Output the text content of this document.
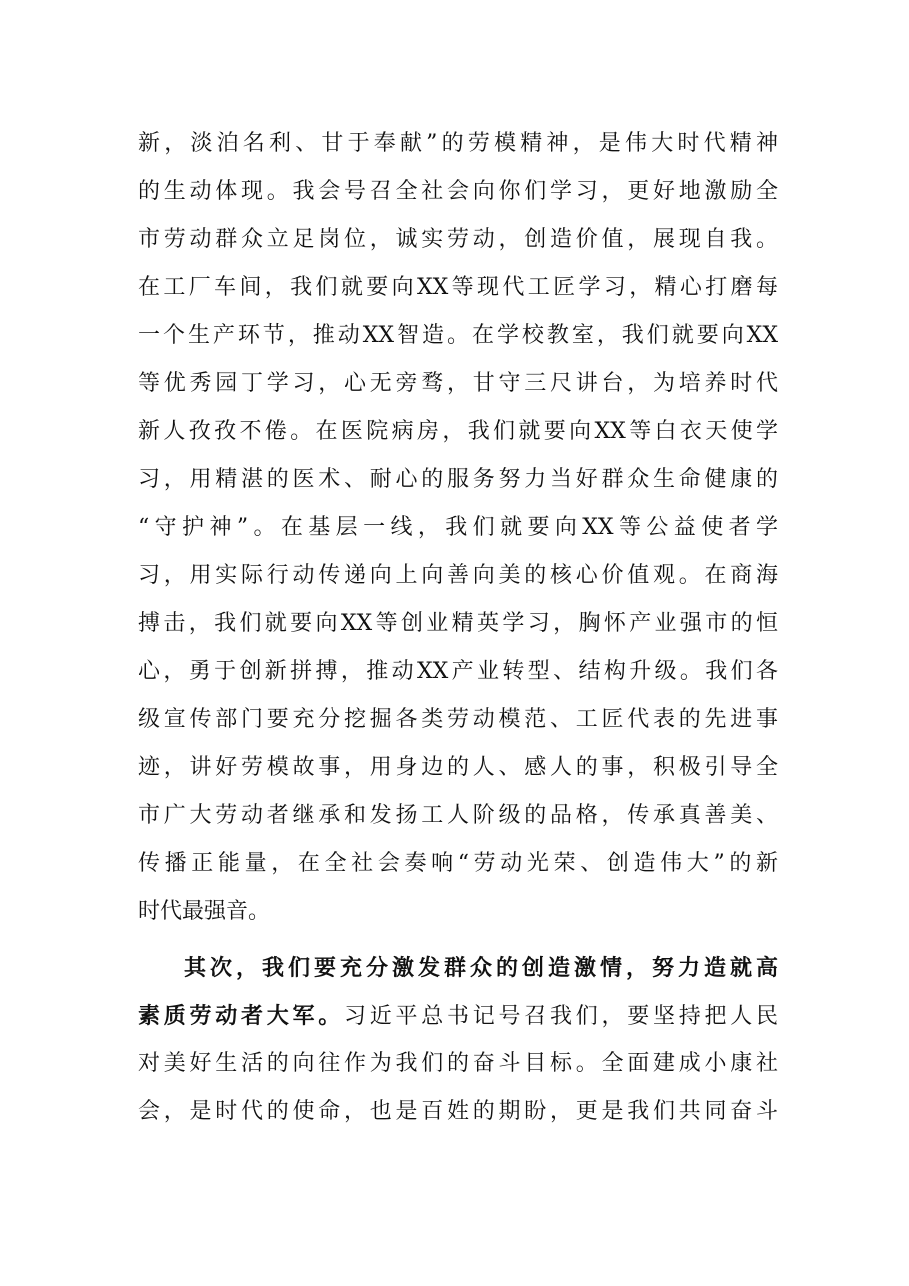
新，淡泊名利、甘于奉献”的劳模精神，是伟大时代精神
的生动体现。我会号召全社会向你们学习，更好地激励全
市劳动群众立足岗位，诚实劳动，创造价值，展现自我。
在工厂车间，我们就要向XX等现代工匠学习，精心打磨每
一个生产环节，推动XX智造。在学校教室，我们就要向XX
等优秀园丁学习，心无旁骛，甘守三尺讲台，为培养时代
新人孜孜不倦。在医院病房，我们就要向XX等白衣天使学
习，用精湛的医术、耐心的服务努力当好群众生命健康的
“守护神”。在基层一线，我们就要向XX等公益使者学
习，用实际行动传递向上向善向美的核心价值观。在商海
搏击，我们就要向XX等创业精英学习，胸怀产业强市的恒
心，勇于创新拼搏，推动XX产业转型、结构升级。我们各
级宣传部门要充分挖掘各类劳动模范、工匠代表的先进事
迹，讲好劳模故事，用身边的人、感人的事，积极引导全
市广大劳动者继承和发扬工人阶级的品格，传承真善美、
传播正能量，在全社会奏响“劳动光荣、创造伟大”的新
时代最强音。
其次，我们要充分激发群众的创造激情，努力造就高
素质劳动者大军。习近平总书记号召我们，要坚持把人民
对美好生活的向往作为我们的奋斗目标。全面建成小康社
会，是时代的使命，也是百姓的期盼，更是我们共同奋斗
